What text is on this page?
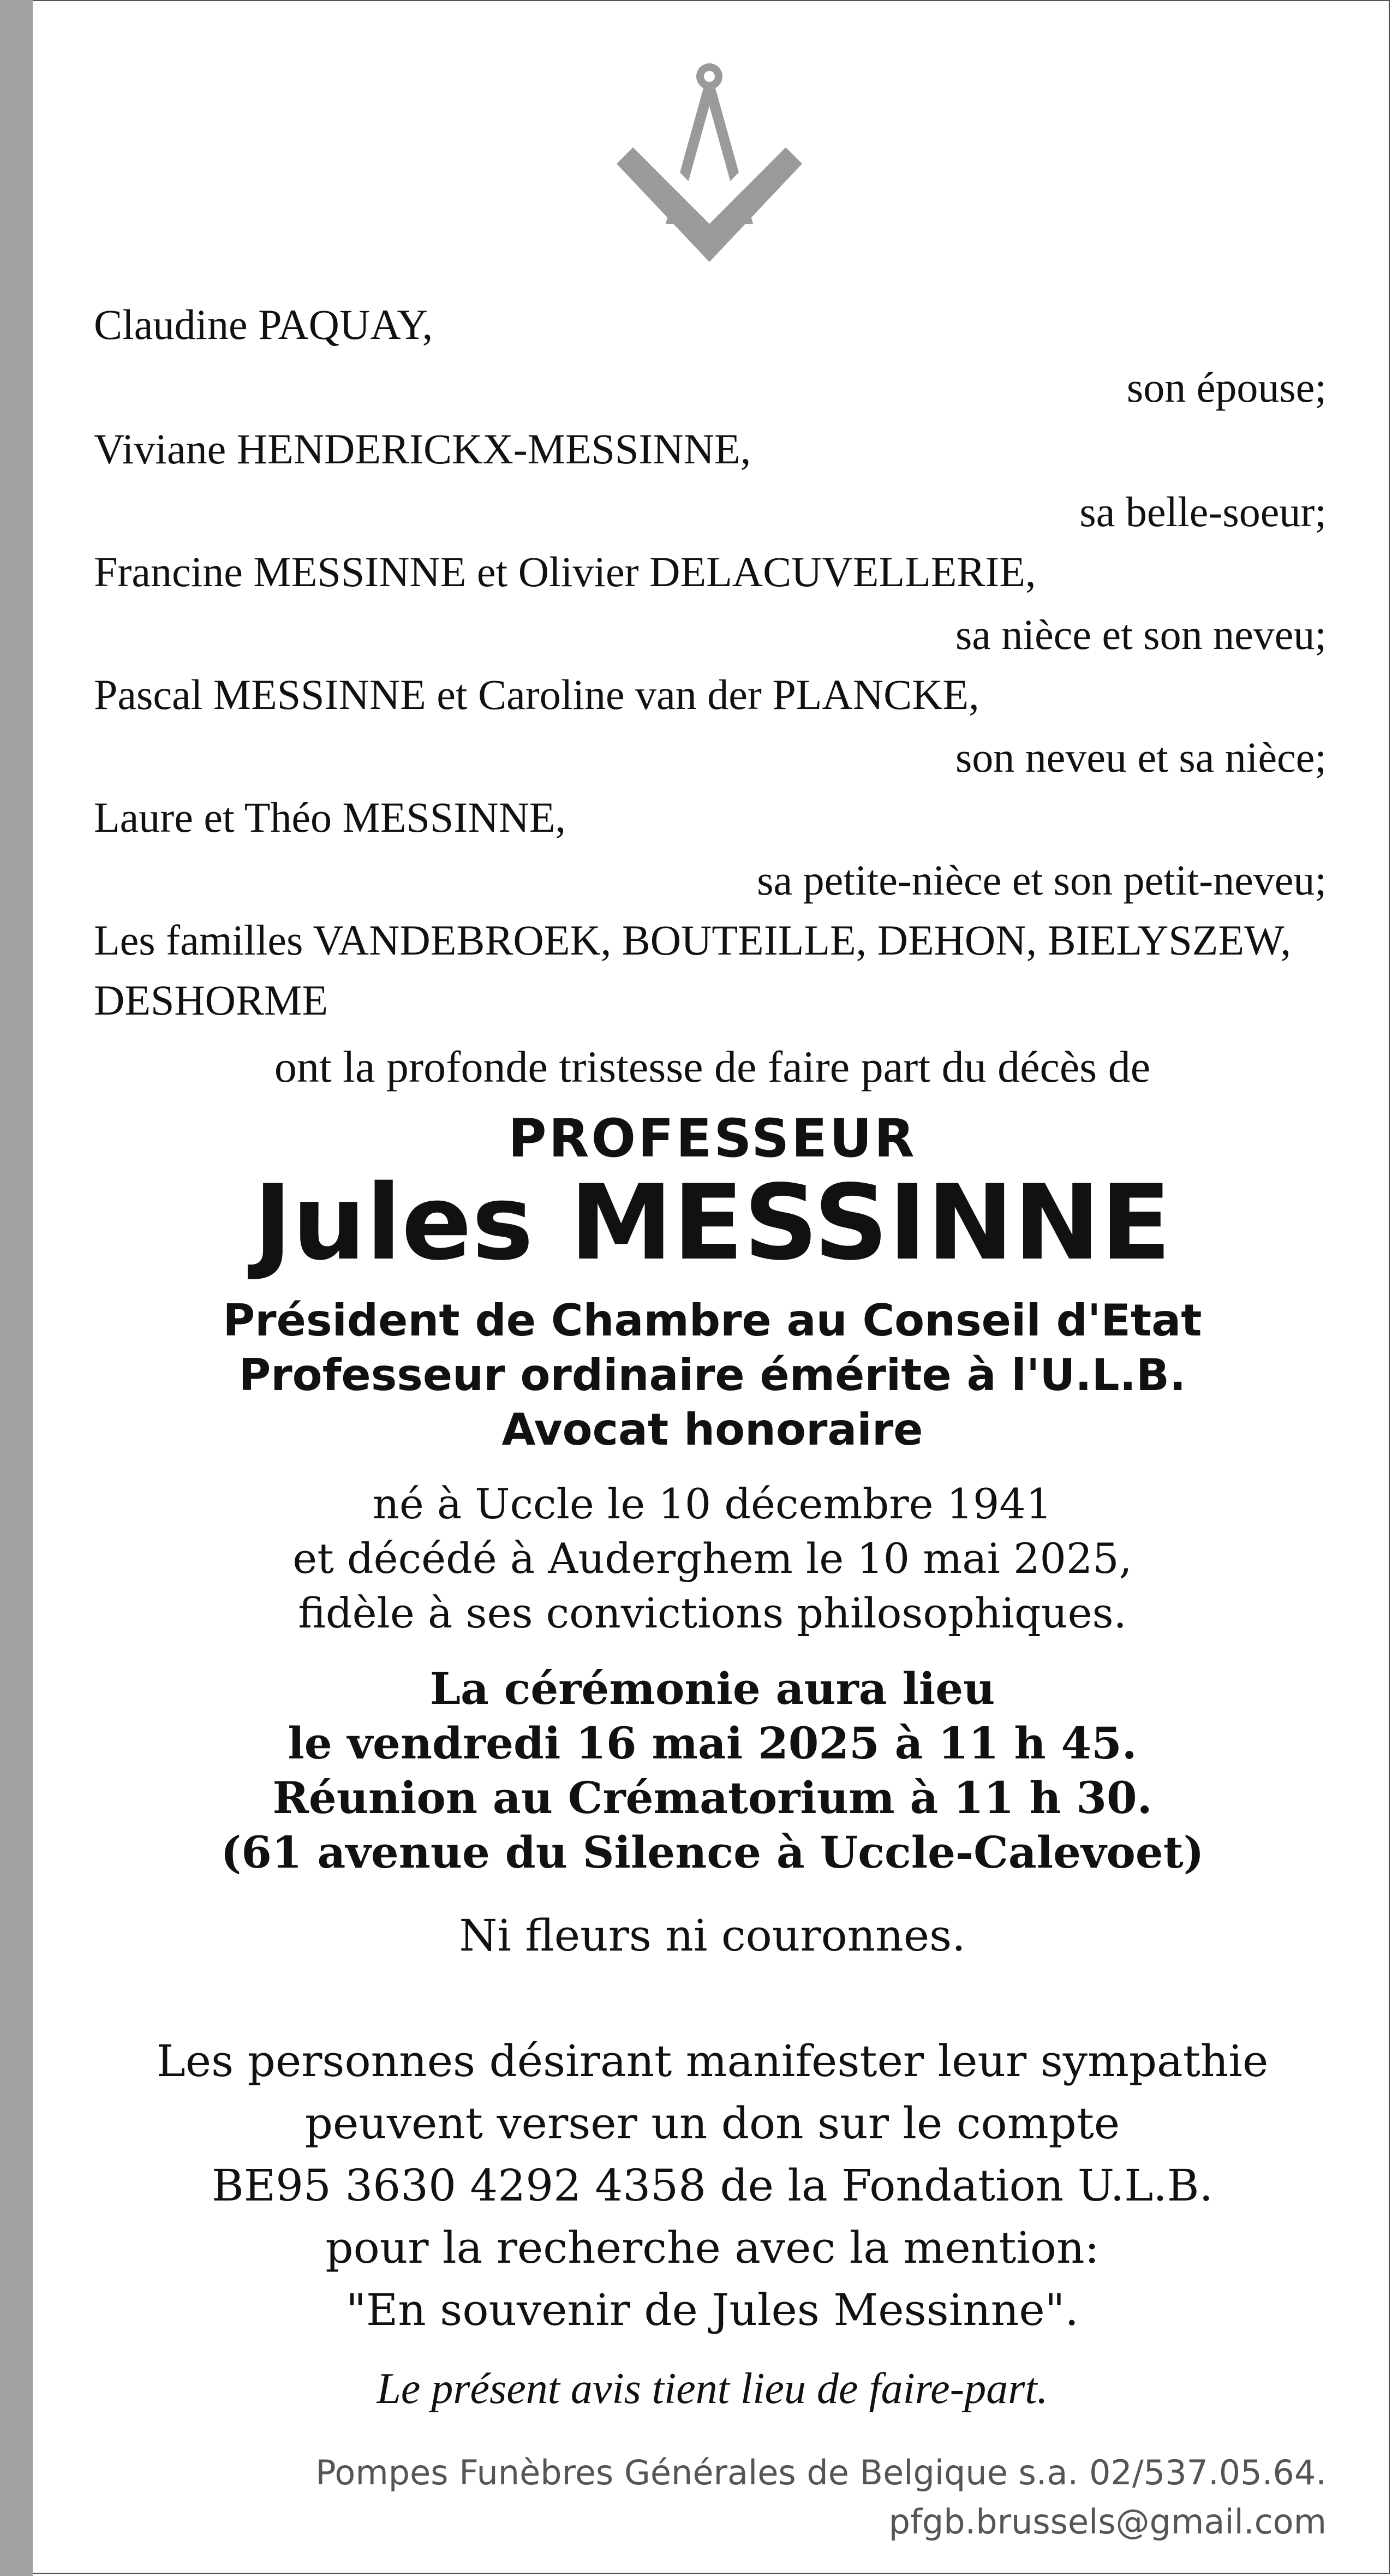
Claudine PAQUAY,
son épouse;
Viviane HENDERICKX-MESSINNE,
sa belle-soeur;
Francine MESSINNE et Olivier DELACUVELLERIE,
sa nièce et son neveu;
Pascal MESSINNE et Caroline van der PLANCKE,
son neveu et sa nièce;
Laure et Théo MESSINNE,
sa petite-nièce et son petit-neveu;
Les familles VANDEBROEK, BOUTEILLE, DEHON, BIELYSZEW,
DESHORME
ont la profonde tristesse de faire part du décès de
PROFESSEUR
Jules MESSINNE
Président de Chambre au Conseil d'Etat
Professeur ordinaire émérite à l'U.L.B.
Avocat honoraire
né à Uccle le 10 décembre 1941
et décédé à Auderghem le 10 mai 2025,
fidèle à ses convictions philosophiques.
La cérémonie aura lieu
le vendredi 16 mai 2025 à 11 h 45.
Réunion au Crématorium à 11 h 30.
(61 avenue du Silence à Uccle-Calevoet)
Ni fleurs ni couronnes.
Les personnes désirant manifester leur sympathie
peuvent verser un don sur le compte
BE95 3630 4292 4358 de la Fondation U.L.B.
pour la recherche avec la mention:
"En souvenir de Jules Messinne".
Le présent avis tient lieu de faire-part.
Pompes Funèbres Générales de Belgique s.a. 02/537.05.64.
pfgb.brussels@gmail.com
